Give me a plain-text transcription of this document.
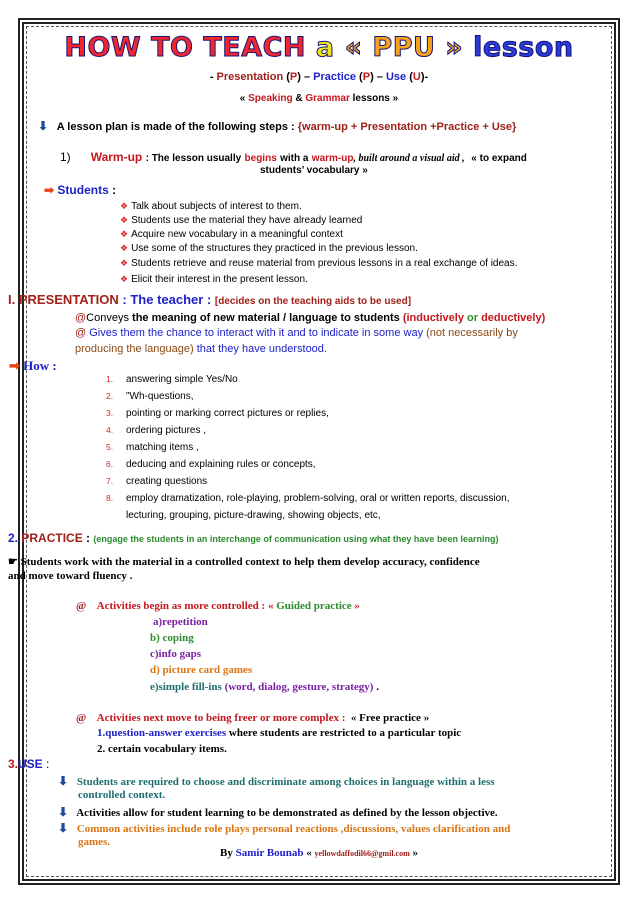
HOW TO TEACH a « PPU » lesson
- Presentation (P) – Practice (P) – Use (U)-
« Speaking & Grammar lessons »
⬇ A lesson plan is made of the following steps : {warm-up + Presentation +Practice + Use}
1) Warm-up : The lesson usually begins with a warm-up, built around a visual aid , « to expand
students’ vocabulary »
➡ Students :
❖ Talk about subjects of interest to them.
❖ Students use the material they have already learned
❖ Acquire new vocabulary in a meaningful context
❖ Use some of the structures they practiced in the previous lesson.
❖ Students retrieve and reuse material from previous lessons in a real exchange of ideas.
❖ Elicit their interest in the present lesson.
I. PRESENTATION : The teacher : [decides on the teaching aids to be used]
@Conveys the meaning of new material / language to students (inductively or deductively)
@ Gives them the chance to interact with it and to indicate in some way (not necessarily by
producing the language) that they have understood.
➡ How :
1. answering simple Yes/No
2. "Wh-questions,
3. pointing or marking correct pictures or replies,
4. ordering pictures ,
5. matching items ,
6. deducing and explaining rules or concepts,
7. creating questions
8. employ dramatization, role-playing, problem-solving, oral or written reports, discussion,
lecturing, grouping, picture-drawing, showing objects, etc,
2. PRACTICE : (engage the students in an interchange of communication using what they have been learning)
☛ Students work with the material in a controlled context to help them develop accuracy, confidence
and move toward fluency .
@ Activities begin as more controlled : « Guided practice »
a)repetition
b) coping
c)info gaps
d) picture card games
e)simple fill-ins (word, dialog, gesture, strategy) .
@ Activities next move to being freer or more complex : « Free practice »
1.question-answer exercises where students are restricted to a particular topic
2. certain vocabulary items.
3.USE :
⬇ Students are required to choose and discriminate among choices in language within a less
controlled context.
⬇ Activities allow for student learning to be demonstrated as defined by the lesson objective.
⬇ Common activities include role plays personal reactions ,discussions, values clarification and
games.
By Samir Bounab « yellowdaffodil66@gmil.com »
